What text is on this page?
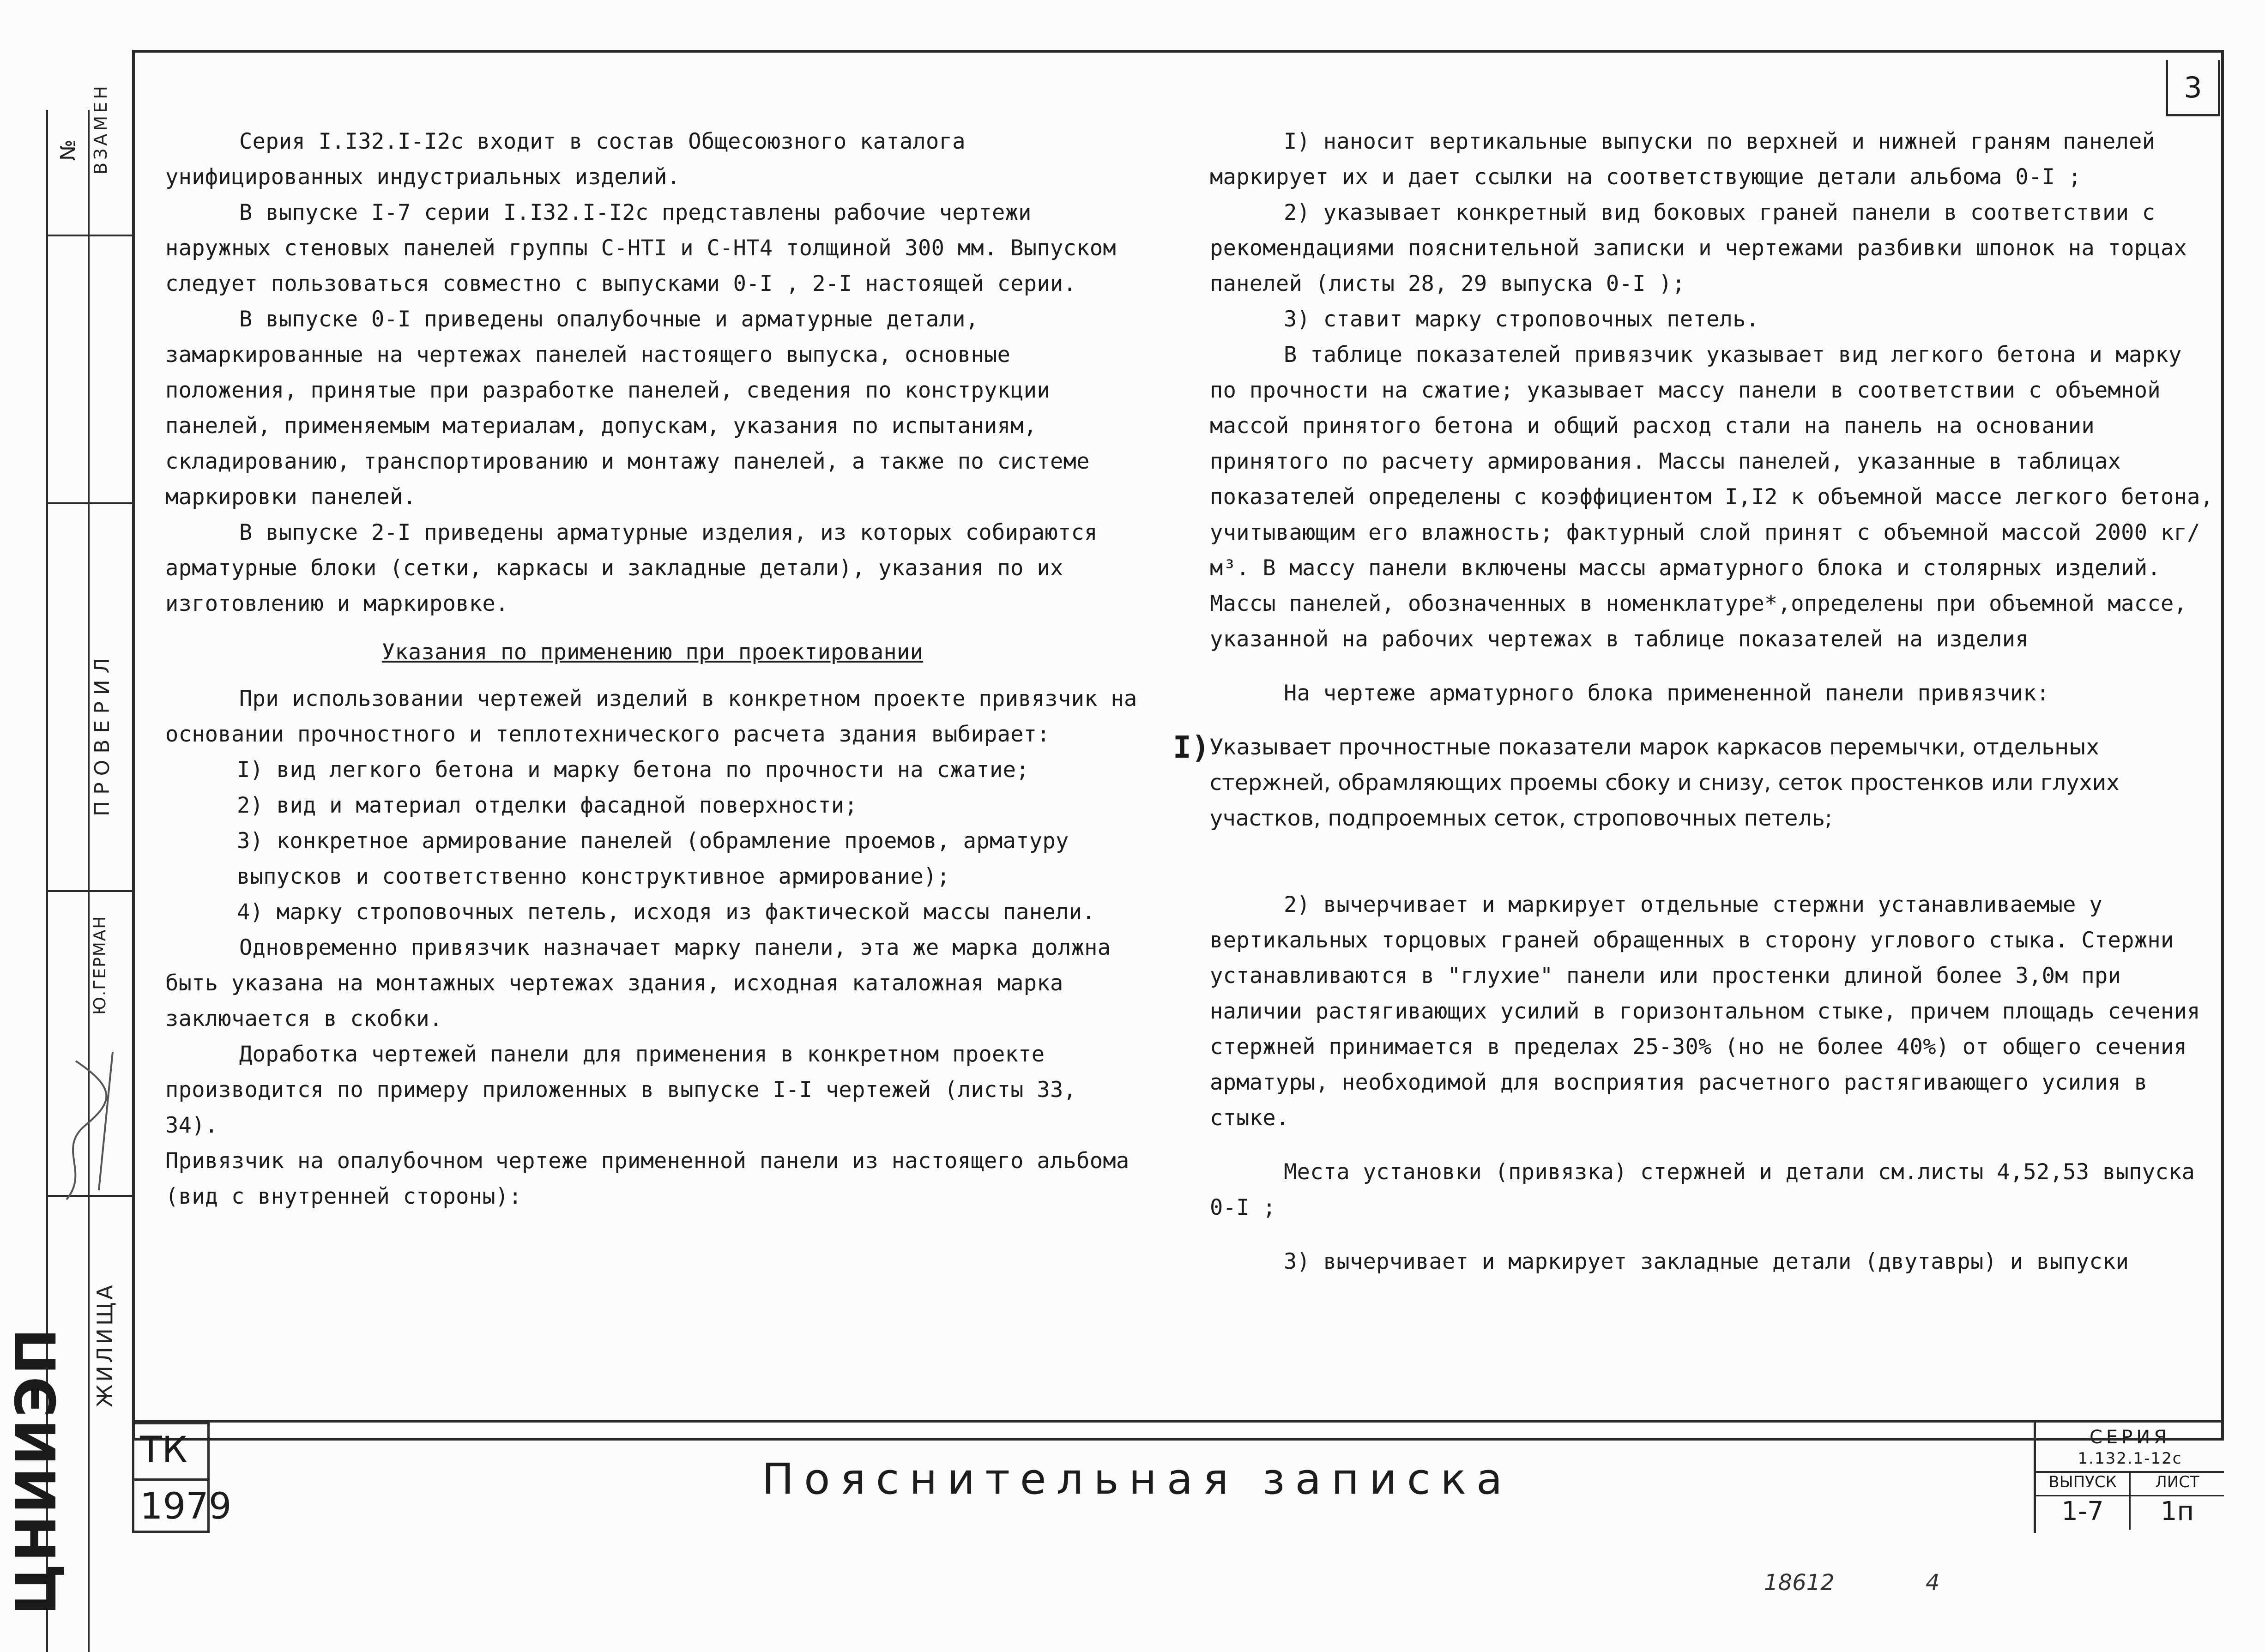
ВЗАМЕН
№
ПРОВЕРИЛ
Ю.ГЕРМАН
ЦНИИЭП ЖИЛИЩА
3

Серия I.I32.I-I2с входит в состав Общесоюзного каталога унифицированных индустриальных изделий.

В выпуске I-7 серии I.I32.I-I2с представлены рабочие чертежи наружных стеновых панелей группы С-НТI и С-НТ4 толщиной 300 мм. Выпуском следует пользоваться совместно с выпусками 0-I , 2-I настоящей серии.

В выпуске 0-I приведены опалубочные и арматурные детали, замаркированные на чертежах панелей настоящего выпуска, основные положения, принятые при разработке панелей, сведения по конструкции панелей, применяемым материалам, допускам, указания по испытаниям, складированию, транспортированию и монтажу панелей, а также по системе маркировки панелей.

В выпуске 2-I приведены арматурные изделия, из которых собираются арматурные блоки (сетки, каркасы и закладные детали), указания по их изготовлению и маркировке.

Указания по применению при проектировании

При использовании чертежей изделий в конкретном проекте привязчик на основании прочностного и теплотехнического расчета здания выбирает:

I) вид легкого бетона и марку бетона по прочности на сжатие;

2) вид и материал отделки фасадной поверхности;

3) конкретное армирование панелей (обрамление проемов, арматуру выпусков и соответственно конструктивное армирование);

4) марку строповочных петель, исходя из фактической массы панели.

Одновременно привязчик назначает марку панели, эта же марка должна быть указана на монтажных чертежах здания, исходная каталожная марка заключается в скобки.

Доработка чертежей панели для применения в конкретном проекте производится по примеру приложенных в выпуске I-I чертежей (листы 33, 34).

Привязчик на опалубочном чертеже примененной панели из настоящего альбома (вид с внутренней стороны):

I) наносит вертикальные выпуски по верхней и нижней граням панелей маркирует их и дает ссылки на соответствующие детали альбома 0-I ;

2) указывает конкретный вид боковых граней панели в соответствии с рекомендациями пояснительной записки и чертежами разбивки шпонок на торцах панелей (листы 28, 29 выпуска 0-I );

3) ставит марку строповочных петель.

В таблице показателей привязчик указывает вид легкого бетона и марку по прочности на сжатие; указывает массу панели в соответствии с объемной массой принятого бетона и общий расход стали на панель на основании принятого по расчету армирования. Массы панелей, указанные в таблицах показателей определены с коэффициентом I,I2 к объемной массе легкого бетона, учитывающим его влажность; фактурный слой принят с объемной массой 2000 кг/м³. В массу панели включены массы арматурного блока и столярных изделий.

Массы панелей, обозначенных в номенклатуре*,определены при объемной массе, указанной на рабочих чертежах в таблице показателей на изделия

На чертеже арматурного блока примененной панели привязчик:

I) Указывает прочностные показатели марок каркасов перемычки, отдельных стержней, обрамляющих проемы сбоку и снизу, сеток простенков или глухих участков, подпроемных сеток, строповочных петель;

2) вычерчивает и маркирует отдельные стержни устанавливаемые у вертикальных торцовых граней обращенных в сторону углового стыка. Стержни устанавливаются в "глухие" панели или простенки длиной более 3,0м при наличии растягивающих усилий в горизонтальном стыке, причем площадь сечения стержней принимается в пределах 25-30% (но не более 40%) от общего сечения арматуры, необходимой для восприятия расчетного растягивающего усилия в стыке.

Места установки (привязка) стержней и детали см.листы 4,52,53 выпуска 0-I ;

3) вычерчивает и маркирует закладные детали (двутавры) и выпуски

ТК
1979
Пояснительная записка
СЕРИЯ
1.132.1-12с
ВЫПУСК	ЛИСТ
1-7	1п
18612	4
